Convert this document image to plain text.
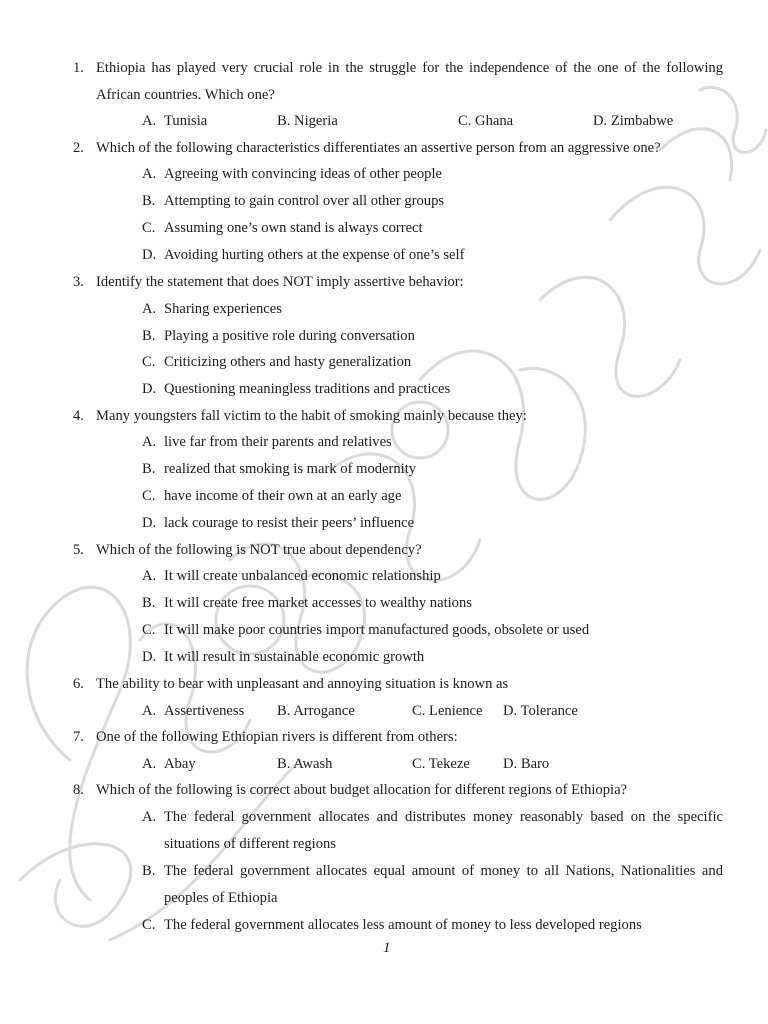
1. Ethiopia has played very crucial role in the struggle for the independence of the one of the following
African countries. Which one?
A. Tunisia	B. Nigeria	C. Ghana	D. Zimbabwe
2. Which of the following characteristics differentiates an assertive person from an aggressive one?
A. Agreeing with convincing ideas of other people
B. Attempting to gain control over all other groups
C. Assuming one’s own stand is always correct
D. Avoiding hurting others at the expense of one’s self
3. Identify the statement that does NOT imply assertive behavior:
A. Sharing experiences
B. Playing a positive role during conversation
C. Criticizing others and hasty generalization
D. Questioning meaningless traditions and practices
4. Many youngsters fall victim to the habit of smoking mainly because they:
A. live far from their parents and relatives
B. realized that smoking is mark of modernity
C. have income of their own at an early age
D. lack courage to resist their peers’ influence
5. Which of the following is NOT true about dependency?
A. It will create unbalanced economic relationship
B. It will create free market accesses to wealthy nations
C. It will make poor countries import manufactured goods, obsolete or used
D. It will result in sustainable economic growth
6. The ability to bear with unpleasant and annoying situation is known as
A. Assertiveness B. Arrogance	C. Lenience D. Tolerance
7. One of the following Ethiopian rivers is different from others:
A. Abay	B. Awash	C. Tekeze D. Baro
8. Which of the following is correct about budget allocation for different regions of Ethiopia?
A. The federal government allocates and distributes money reasonably based on the specific
situations of different regions
B. The federal government allocates equal amount of money to all Nations, Nationalities and
peoples of Ethiopia
C. The federal government allocates less amount of money to less developed regions
1
